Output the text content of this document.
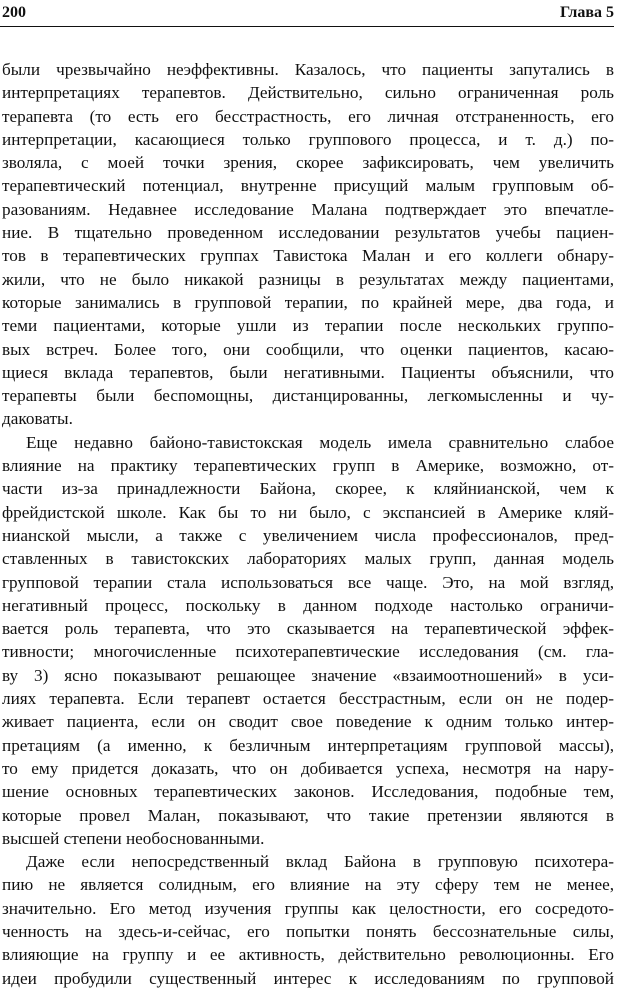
200	Глава 5
были чрезвычайно неэффективны. Казалось, что пациенты запутались в
интерпретациях терапевтов. Действительно, сильно ограниченная роль
терапевта (то есть его бесстрастность, его личная отстраненность, его
интерпретации, касающиеся только группового процесса, и т. д.) по-
зволяла, с моей точки зрения, скорее зафиксировать, чем увеличить
терапевтический потенциал, внутренне присущий малым групповым об-
разованиям. Недавнее исследование Малана подтверждает это впечатле-
ние. В тщательно проведенном исследовании результатов учебы пациен-
тов в терапевтических группах Тавистока Малан и его коллеги обнару-
жили, что не было никакой разницы в результатах между пациентами,
которые занимались в групповой терапии, по крайней мере, два года, и
теми пациентами, которые ушли из терапии после нескольких группо-
вых встреч. Более того, они сообщили, что оценки пациентов, касаю-
щиеся вклада терапевтов, были негативными. Пациенты объяснили, что
терапевты были беспомощны, дистанцированны, легкомысленны и чу-
даковаты.
Еще недавно байоно-тавистокская модель имела сравнительно слабое
влияние на практику терапевтических групп в Америке, возможно, от-
части из-за принадлежности Байона, скорее, к кляйнианской, чем к
фрейдистской школе. Как бы то ни было, с экспансией в Америке кляй-
нианской мысли, а также с увеличением числа профессионалов, пред-
ставленных в тавистокских лабораториях малых групп, данная модель
групповой терапии стала использоваться все чаще. Это, на мой взгляд,
негативный процесс, поскольку в данном подходе настолько ограничи-
вается роль терапевта, что это сказывается на терапевтической эффек-
тивности; многочисленные психотерапевтические исследования (см. гла-
ву 3) ясно показывают решающее значение «взаимоотношений» в уси-
лиях терапевта. Если терапевт остается бесстрастным, если он не подер-
живает пациента, если он сводит свое поведение к одним только интер-
претациям (а именно, к безличным интерпретациям групповой массы),
то ему придется доказать, что он добивается успеха, несмотря на нару-
шение основных терапевтических законов. Исследования, подобные тем,
которые провел Малан, показывают, что такие претензии являются в
высшей степени необоснованными.
Даже если непосредственный вклад Байона в групповую психотера-
пию не является солидным, его влияние на эту сферу тем не менее,
значительно. Его метод изучения группы как целостности, его сосредото-
ченность на здесь-и-сейчас, его попытки понять бессознательные силы,
влияющие на группу и ее активность, действительно революционны. Его
идеи пробудили существенный интерес к исследованиям по групповой
